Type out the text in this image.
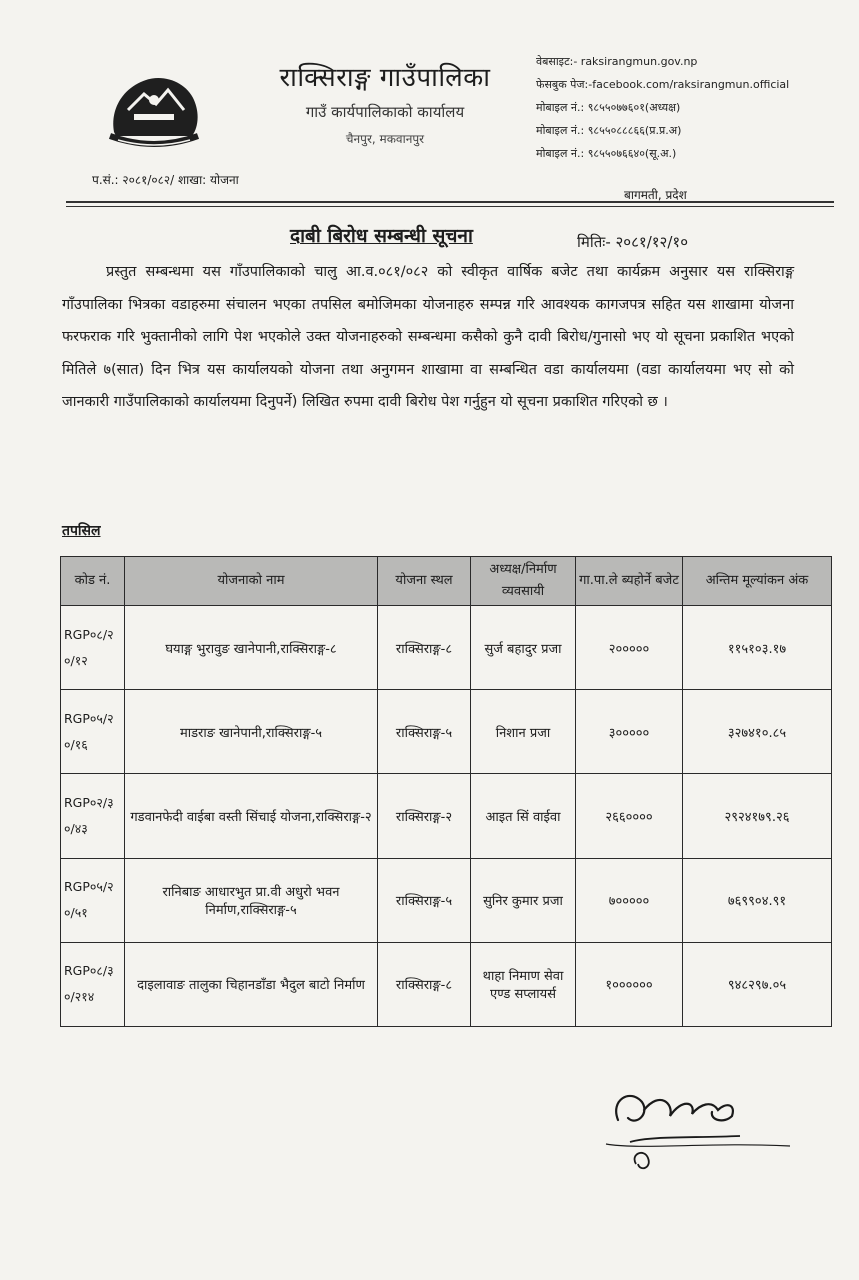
राक्सिराङ्ग गाउँपालिका
गाउँ कार्यपालिकाको कार्यालय
चैनपुर, मकवानपुर
वेबसाइट:- raksirangmun.gov.np
फेसबुक पेज:-facebook.com/raksirangmun.official
मोबाइल नं.: ९८५५०७७६०१(अध्यक्ष)
मोबाइल नं.: ९८५५०८८८६६(प्र.प्र.अ)
मोबाइल नं.: ९८५५०७६६४०(सू.अ.)
प.सं.: २०८१/०८२/ शाखा: योजना
बागमती, प्रदेश
दाबी बिरोध सम्बन्धी सूचना	मितिः- २०८१/१२/१०
प्रस्तुत सम्बन्धमा यस गाँउपालिकाको चालु आ.व.०८१/०८२ को स्वीकृत वार्षिक बजेट तथा कार्यक्रम अनुसार यस राक्सिराङ्ग गाँउपालिका भित्रका वडाहरुमा संचालन भएका तपसिल बमोजिमका योजनाहरु सम्पन्न गरि आवश्यक कागजपत्र सहित यस शाखामा योजना फरफराक गरि भुक्तानीको लागि पेश भएकोले उक्त योजनाहरुको सम्बन्धमा कसैको कुनै दावी बिरोध/गुनासो भए यो सूचना प्रकाशित भएको मितिले ७(सात) दिन भित्र यस कार्यालयको योजना तथा अनुगमन शाखामा वा सम्बन्धित वडा कार्यालयमा (वडा कार्यालयमा भए सो को जानकारी गाउँपालिकाको कार्यालयमा दिनुपर्ने) लिखित रुपमा दावी बिरोध पेश गर्नुहुन यो सूचना प्रकाशित गरिएको छ ।
तपसिल
कोड नं.	योजनाको नाम	योजना स्थल	अध्यक्ष/निर्माण व्यवसायी	गा.पा.ले ब्यहोर्ने बजेट	अन्तिम मूल्यांकन अंक
RGP०८/२०/१२	घयाङ्ग भुरावुङ खानेपानी,राक्सिराङ्ग-८	राक्सिराङ्ग-८	सुर्ज बहादुर प्रजा	२०००००	११५१०३.१७
RGP०५/२०/१६	माडराङ खानेपानी,राक्सिराङ्ग-५	राक्सिराङ्ग-५	निशान प्रजा	३०००००	३२७४१०.८५
RGP०२/३०/४३	गडवानफेदी वाईबा वस्ती सिंचाई योजना,राक्सिराङ्ग-२	राक्सिराङ्ग-२	आइत सिं वाईवा	२६६००००	२९२४१७९.२६
RGP०५/२०/५१	रानिबाङ आधारभुत प्रा.वी अधुरो भवन निर्माण,राक्सिराङ्ग-५	राक्सिराङ्ग-५	सुनिर कुमार प्रजा	७०००००	७६९९०४.९१
RGP०८/३०/२१४	दाइलावाङ तालुका चिहानडाँडा भैदुल बाटो निर्माण	राक्सिराङ्ग-८	थाहा निमाण सेवा एण्ड सप्लायर्स	१००००००	९४८२९७.०५
